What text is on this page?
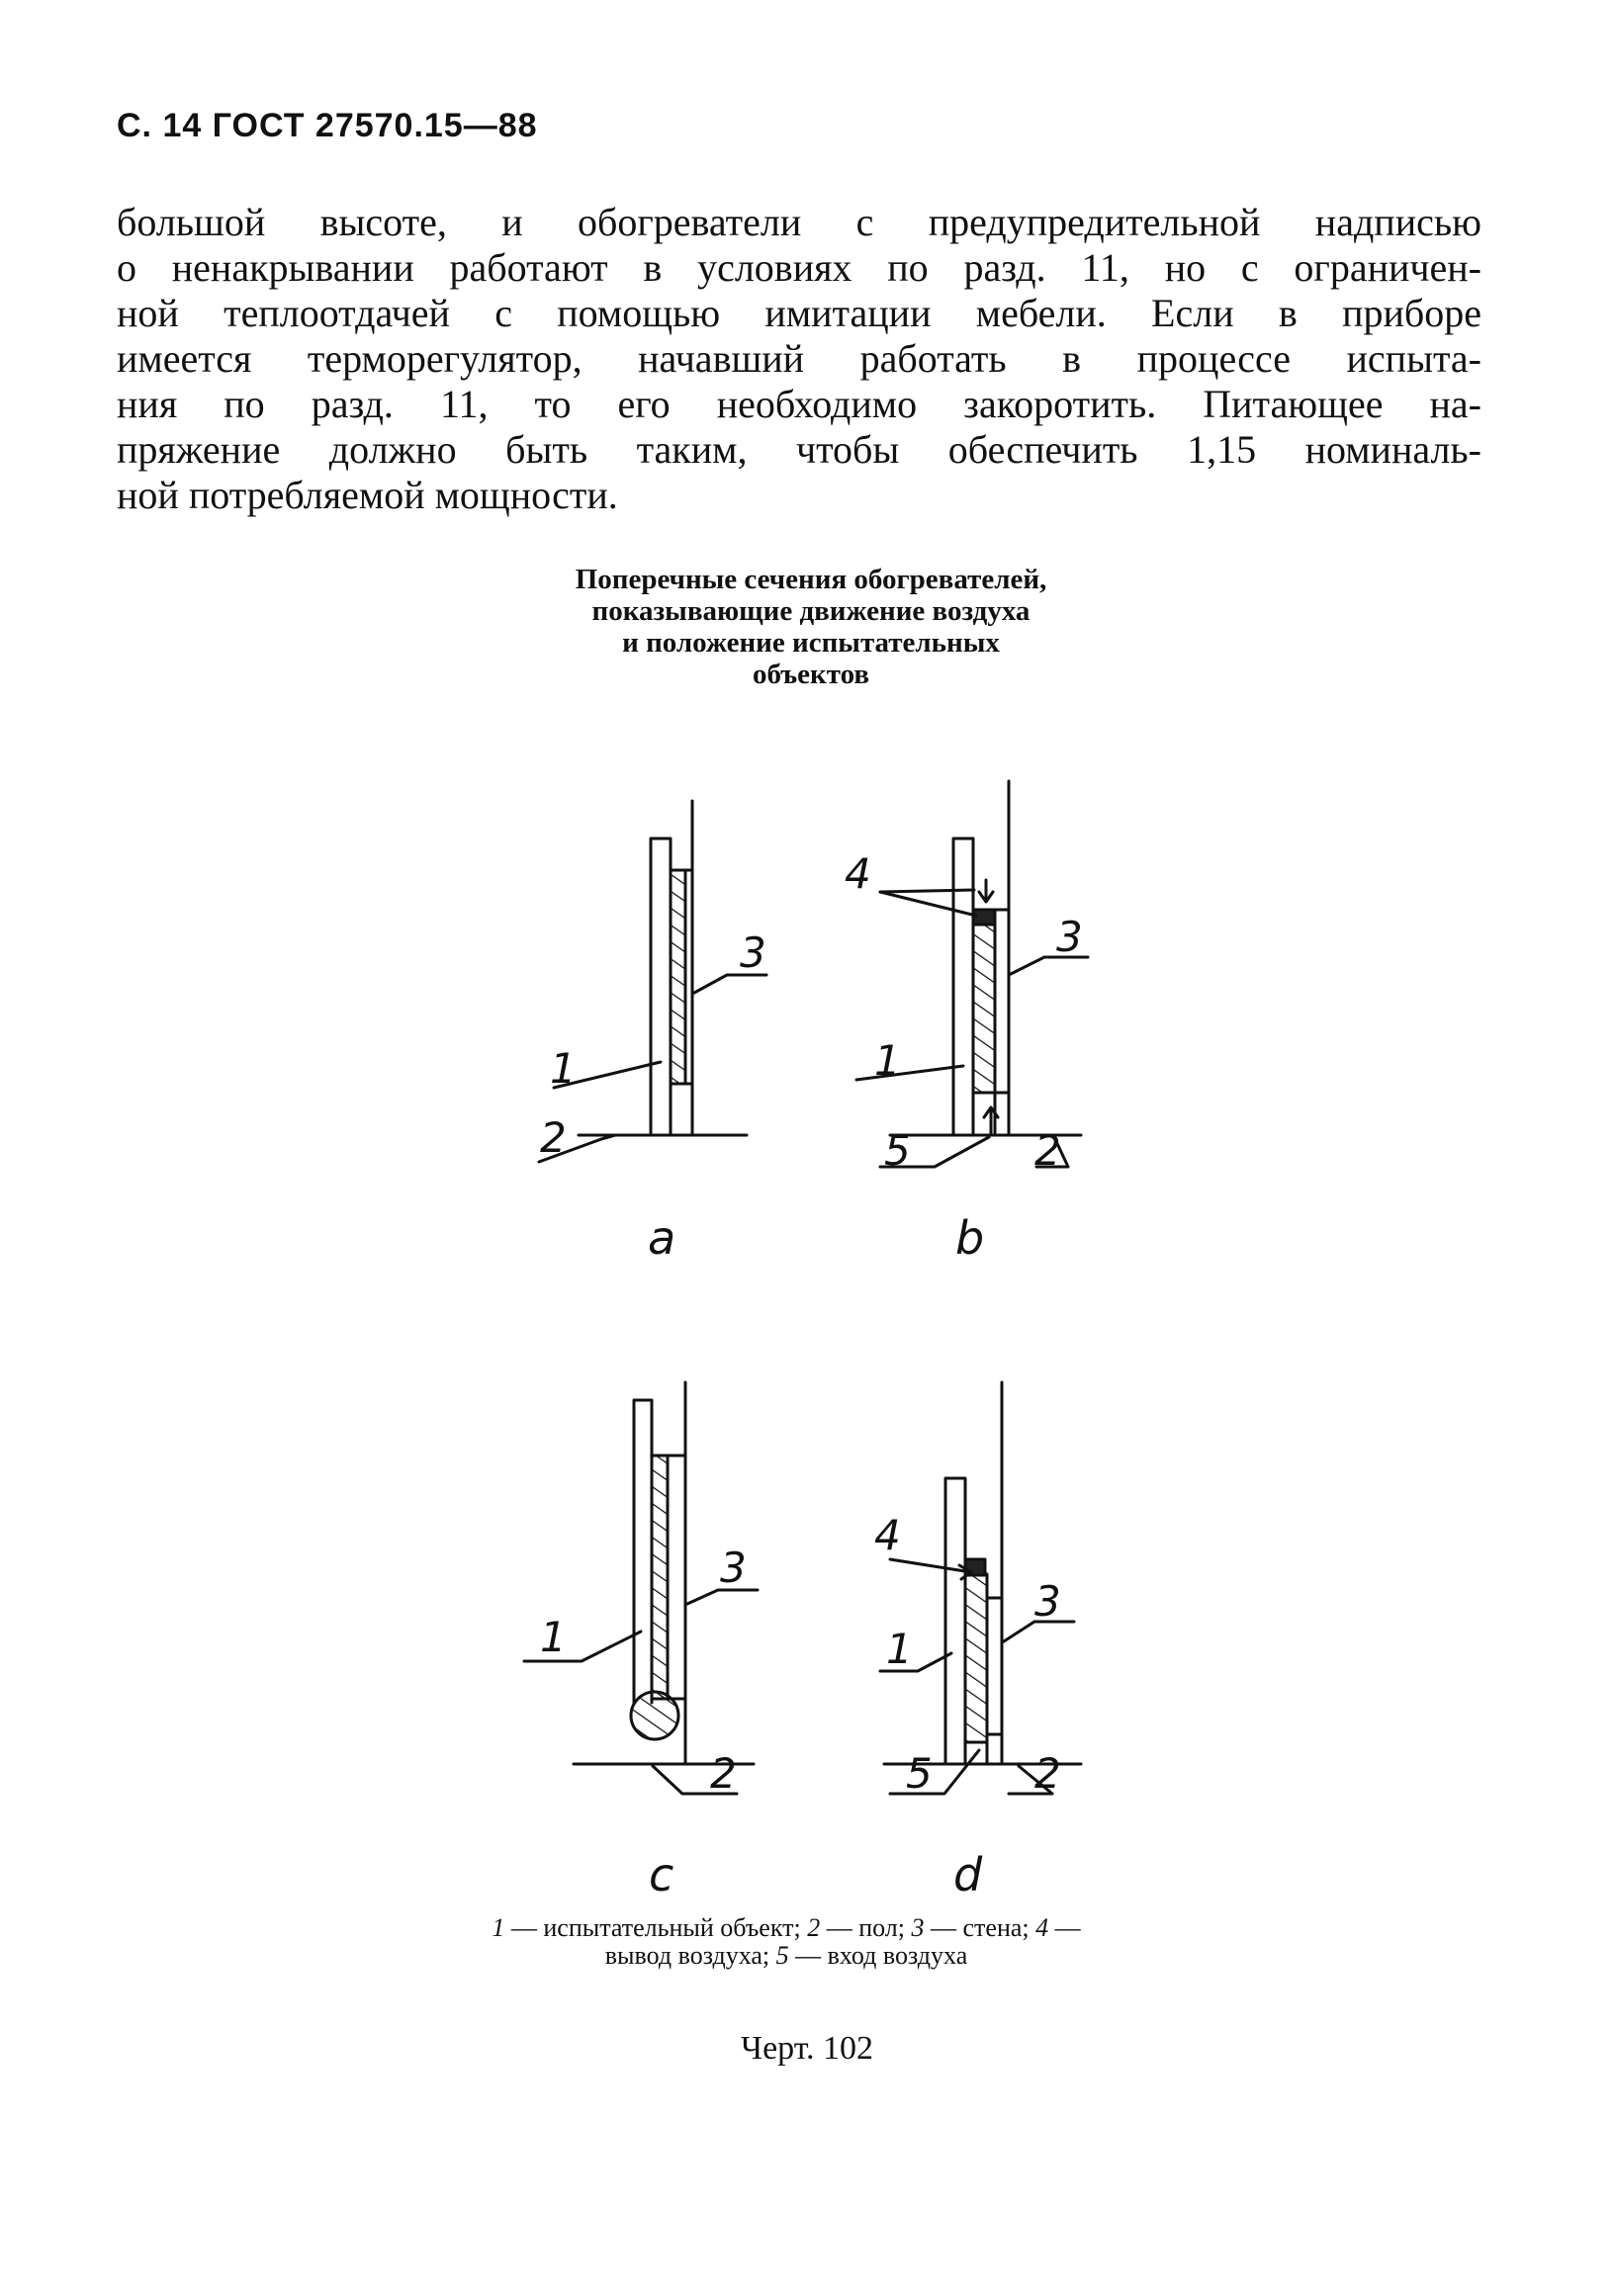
С. 14 ГОСТ 27570.15—88
большой высоте, и обогреватели с предупредительной надписью
о ненакрывании работают в условиях по разд. 11, но с ограничен-
ной теплоотдачей с помощью имитации мебели. Если в приборе
имеется терморегулятор, начавший работать в процессе испыта-
ния по разд. 11, то его необходимо закоротить. Питающее на-
пряжение должно быть таким, чтобы обеспечить 1,15 номиналь-
ной потребляемой мощности.
Поперечные сечения обогревателей,
показывающие движение воздуха
и положение испытательных
объектов
1
2
3
4
1
5	2
3
1
3
2
4
1
3
5 2
a	b
c	d
1 — испытательный объект; 2 — пол; 3 — стена; 4 — вывод воздуха; 5 — вход воздуха
Черт. 102
